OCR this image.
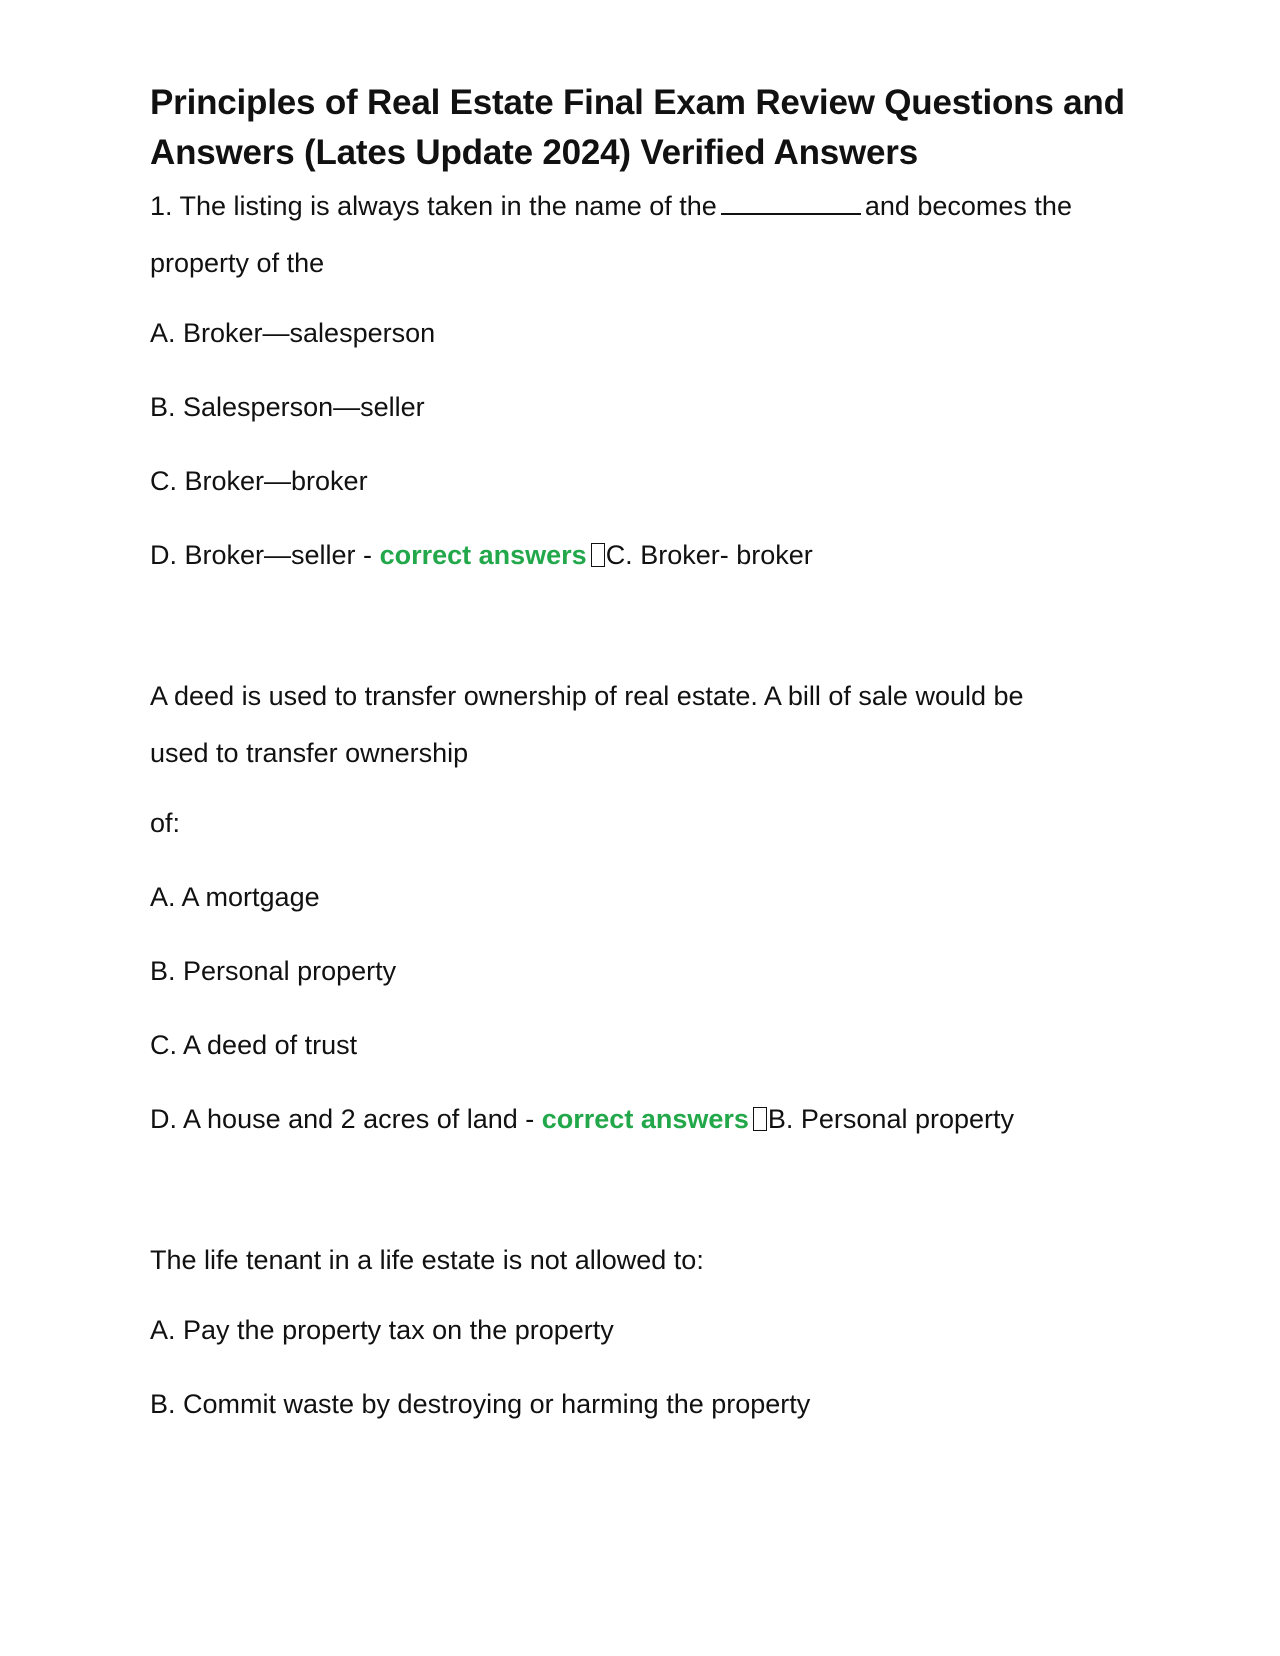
Principles of Real Estate Final Exam Review Questions and Answers (Lates Update 2024) Verified Answers

1. The listing is always taken in the name of the	and becomes the

property of the

A. Broker—salesperson

B. Salesperson—seller

C. Broker—broker

D. Broker—seller - correct answers C. Broker- broker

A deed is used to transfer ownership of real estate. A bill of sale would be

used to transfer ownership

of:

A. A mortgage

B. Personal property

C. A deed of trust

D. A house and 2 acres of land - correct answers B. Personal property

The life tenant in a life estate is not allowed to:

A. Pay the property tax on the property

B. Commit waste by destroying or harming the property
